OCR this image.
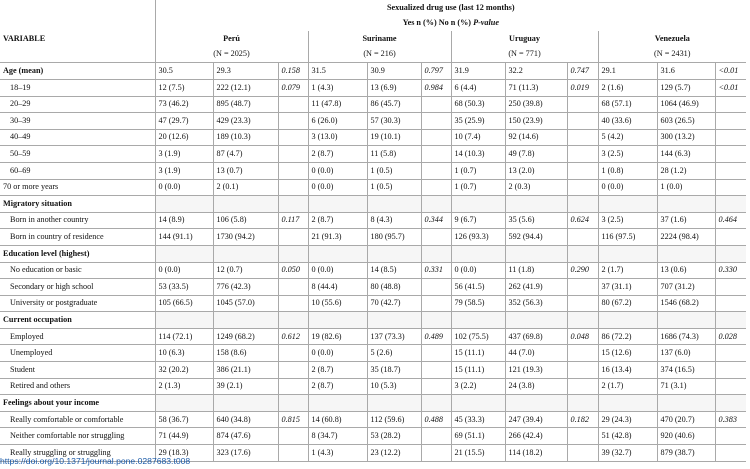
	Sexualized drug use (last 12 months)											
	Yes n (%) No n (%) P-value											
VARIABLE	Perú			Suriname			Uruguay			Venezuela		
	(N = 2025)			(N = 216)			(N = 771)			(N = 2431)		
Age (mean)	30.5	29.3	0.158	31.5	30.9	0.797	31.9	32.2	0.747	29.1	31.6	<0.01
18–19	12 (7.5)	222 (12.1)	0.079	1 (4.3)	13 (6.9)	0.984	6 (4.4)	71 (11.3)	0.019	2 (1.6)	129 (5.7)	<0.01
20–29	73 (46.2)	895 (48.7)		11 (47.8)	86 (45.7)		68 (50.3)	250 (39.8)		68 (57.1)	1064 (46.9)	
30–39	47 (29.7)	429 (23.3)		6 (26.0)	57 (30.3)		35 (25.9)	150 (23.9)		40 (33.6)	603 (26.5)	
40–49	20 (12.6)	189 (10.3)		3 (13.0)	19 (10.1)		10 (7.4)	92 (14.6)		5 (4.2)	300 (13.2)	
50–59	3 (1.9)	87 (4.7)		2 (8.7)	11 (5.8)		14 (10.3)	49 (7.8)		3 (2.5)	144 (6.3)	
60–69	3 (1.9)	13 (0.7)		0 (0.0)	1 (0.5)		1 (0.7)	13 (2.0)		1 (0.8)	28 (1.2)	
70 or more years	0 (0.0)	2 (0.1)		0 (0.0)	1 (0.5)		1 (0.7)	2 (0.3)		0 (0.0)	1 (0.0)	
Migratory situation												
Born in another country	14 (8.9)	106 (5.8)	0.117	2 (8.7)	8 (4.3)	0.344	9 (6.7)	35 (5.6)	0.624	3 (2.5)	37 (1.6)	0.464
Born in country of residence	144 (91.1)	1730 (94.2)		21 (91.3)	180 (95.7)		126 (93.3)	592 (94.4)		116 (97.5)	2224 (98.4)	
Education level (highest)												
No education or basic	0 (0.0)	12 (0.7)	0.050	0 (0.0)	14 (8.5)	0.331	0 (0.0)	11 (1.8)	0.290	2 (1.7)	13 (0.6)	0.330
Secondary or high school	53 (33.5)	776 (42.3)		8 (44.4)	80 (48.8)		56 (41.5)	262 (41.9)		37 (31.1)	707 (31.2)	
University or postgraduate	105 (66.5)	1045 (57.0)		10 (55.6)	70 (42.7)		79 (58.5)	352 (56.3)		80 (67.2)	1546 (68.2)	
Current occupation												
Employed	114 (72.1)	1249 (68.2)	0.612	19 (82.6)	137 (73.3)	0.489	102 (75.5)	437 (69.8)	0.048	86 (72.2)	1686 (74.3)	0.028
Unemployed	10 (6.3)	158 (8.6)		0 (0.0)	5 (2.6)		15 (11.1)	44 (7.0)		15 (12.6)	137 (6.0)	
Student	32 (20.2)	386 (21.1)		2 (8.7)	35 (18.7)		15 (11.1)	121 (19.3)		16 (13.4)	374 (16.5)	
Retired and others	2 (1.3)	39 (2.1)		2 (8.7)	10 (5.3)		3 (2.2)	24 (3.8)		2 (1.7)	71 (3.1)	
Feelings about your income												
Really comfortable or comfortable	58 (36.7)	640 (34.8)	0.815	14 (60.8)	112 (59.6)	0.488	45 (33.3)	247 (39.4)	0.182	29 (24.3)	470 (20.7)	0.383
Neither comfortable nor struggling	71 (44.9)	874 (47.6)		8 (34.7)	53 (28.2)		69 (51.1)	266 (42.4)		51 (42.8)	920 (40.6)	
Really struggling or struggling	29 (18.3)	323 (17.6)		1 (4.3)	23 (12.2)		21 (15.5)	114 (18.2)		39 (32.7)	879 (38.7)	
https://doi.org/10.1371/journal.pone.0287683.t008
